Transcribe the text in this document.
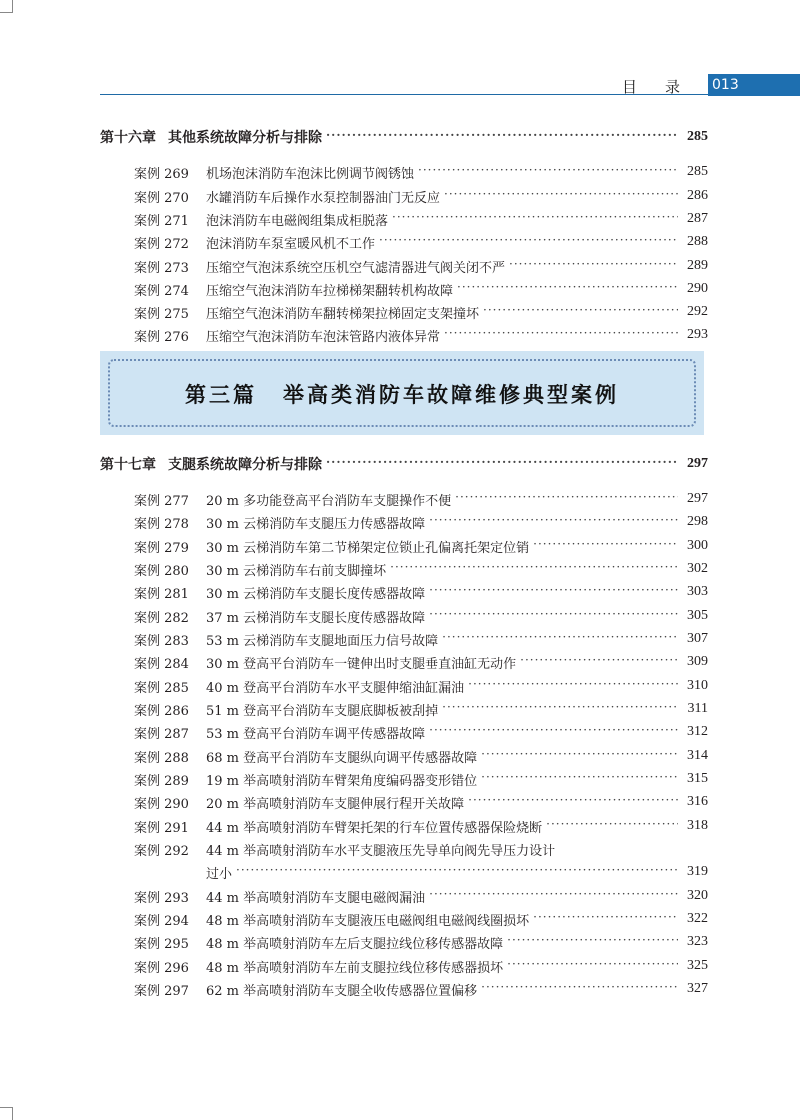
目录 013
第十六章 其他系统故障分析与排除 ·····	285
案例 269	机场泡沫消防车泡沫比例调节阀锈蚀 ·····	285
案例 270	水罐消防车后操作水泵控制器油门无反应 ·····	286
案例 271	泡沫消防车电磁阀组集成柜脱落 ·····	287
案例 272	泡沫消防车泵室暖风机不工作 ·····	288
案例 273	压缩空气泡沫系统空压机空气滤清器进气阀关闭不严 ·····	289
案例 274	压缩空气泡沫消防车拉梯梯架翻转机构故障 ·····	290
案例 275	压缩空气泡沫消防车翻转梯架拉梯固定支架撞坏 ·····	292
案例 276	压缩空气泡沫消防车泡沫管路内液体异常 ·····	293
第三篇 举高类消防车故障维修典型案例
第十七章 支腿系统故障分析与排除 ·····	297
案例 277	20 m 多功能登高平台消防车支腿操作不便 ·····	297
案例 278	30 m 云梯消防车支腿压力传感器故障 ·····	298
案例 279	30 m 云梯消防车第二节梯架定位锁止孔偏离托架定位销 ·····	300
案例 280	30 m 云梯消防车右前支脚撞坏 ·····	302
案例 281	30 m 云梯消防车支腿长度传感器故障 ·····	303
案例 282	37 m 云梯消防车支腿长度传感器故障 ·····	305
案例 283	53 m 云梯消防车支腿地面压力信号故障 ·····	307
案例 284	30 m 登高平台消防车一键伸出时支腿垂直油缸无动作 ·····	309
案例 285	40 m 登高平台消防车水平支腿伸缩油缸漏油 ·····	310
案例 286	51 m 登高平台消防车支腿底脚板被刮掉 ·····	311
案例 287	53 m 登高平台消防车调平传感器故障 ·····	312
案例 288	68 m 登高平台消防车支腿纵向调平传感器故障 ·····	314
案例 289	19 m 举高喷射消防车臂架角度编码器变形错位 ·····	315
案例 290	20 m 举高喷射消防车支腿伸展行程开关故障 ·····	316
案例 291	44 m 举高喷射消防车臂架托架的行车位置传感器保险烧断 ·····	318
案例 292	44 m 举高喷射消防车水平支腿液压先导单向阀先导压力设计
过小 ·····	319
案例 293	44 m 举高喷射消防车支腿电磁阀漏油 ·····	320
案例 294	48 m 举高喷射消防车支腿液压电磁阀组电磁阀线圈损坏 ·····	322
案例 295	48 m 举高喷射消防车左后支腿拉线位移传感器故障 ·····	323
案例 296	48 m 举高喷射消防车左前支腿拉线位移传感器损坏 ·····	325
案例 297	62 m 举高喷射消防车支腿全收传感器位置偏移 ·····	327
